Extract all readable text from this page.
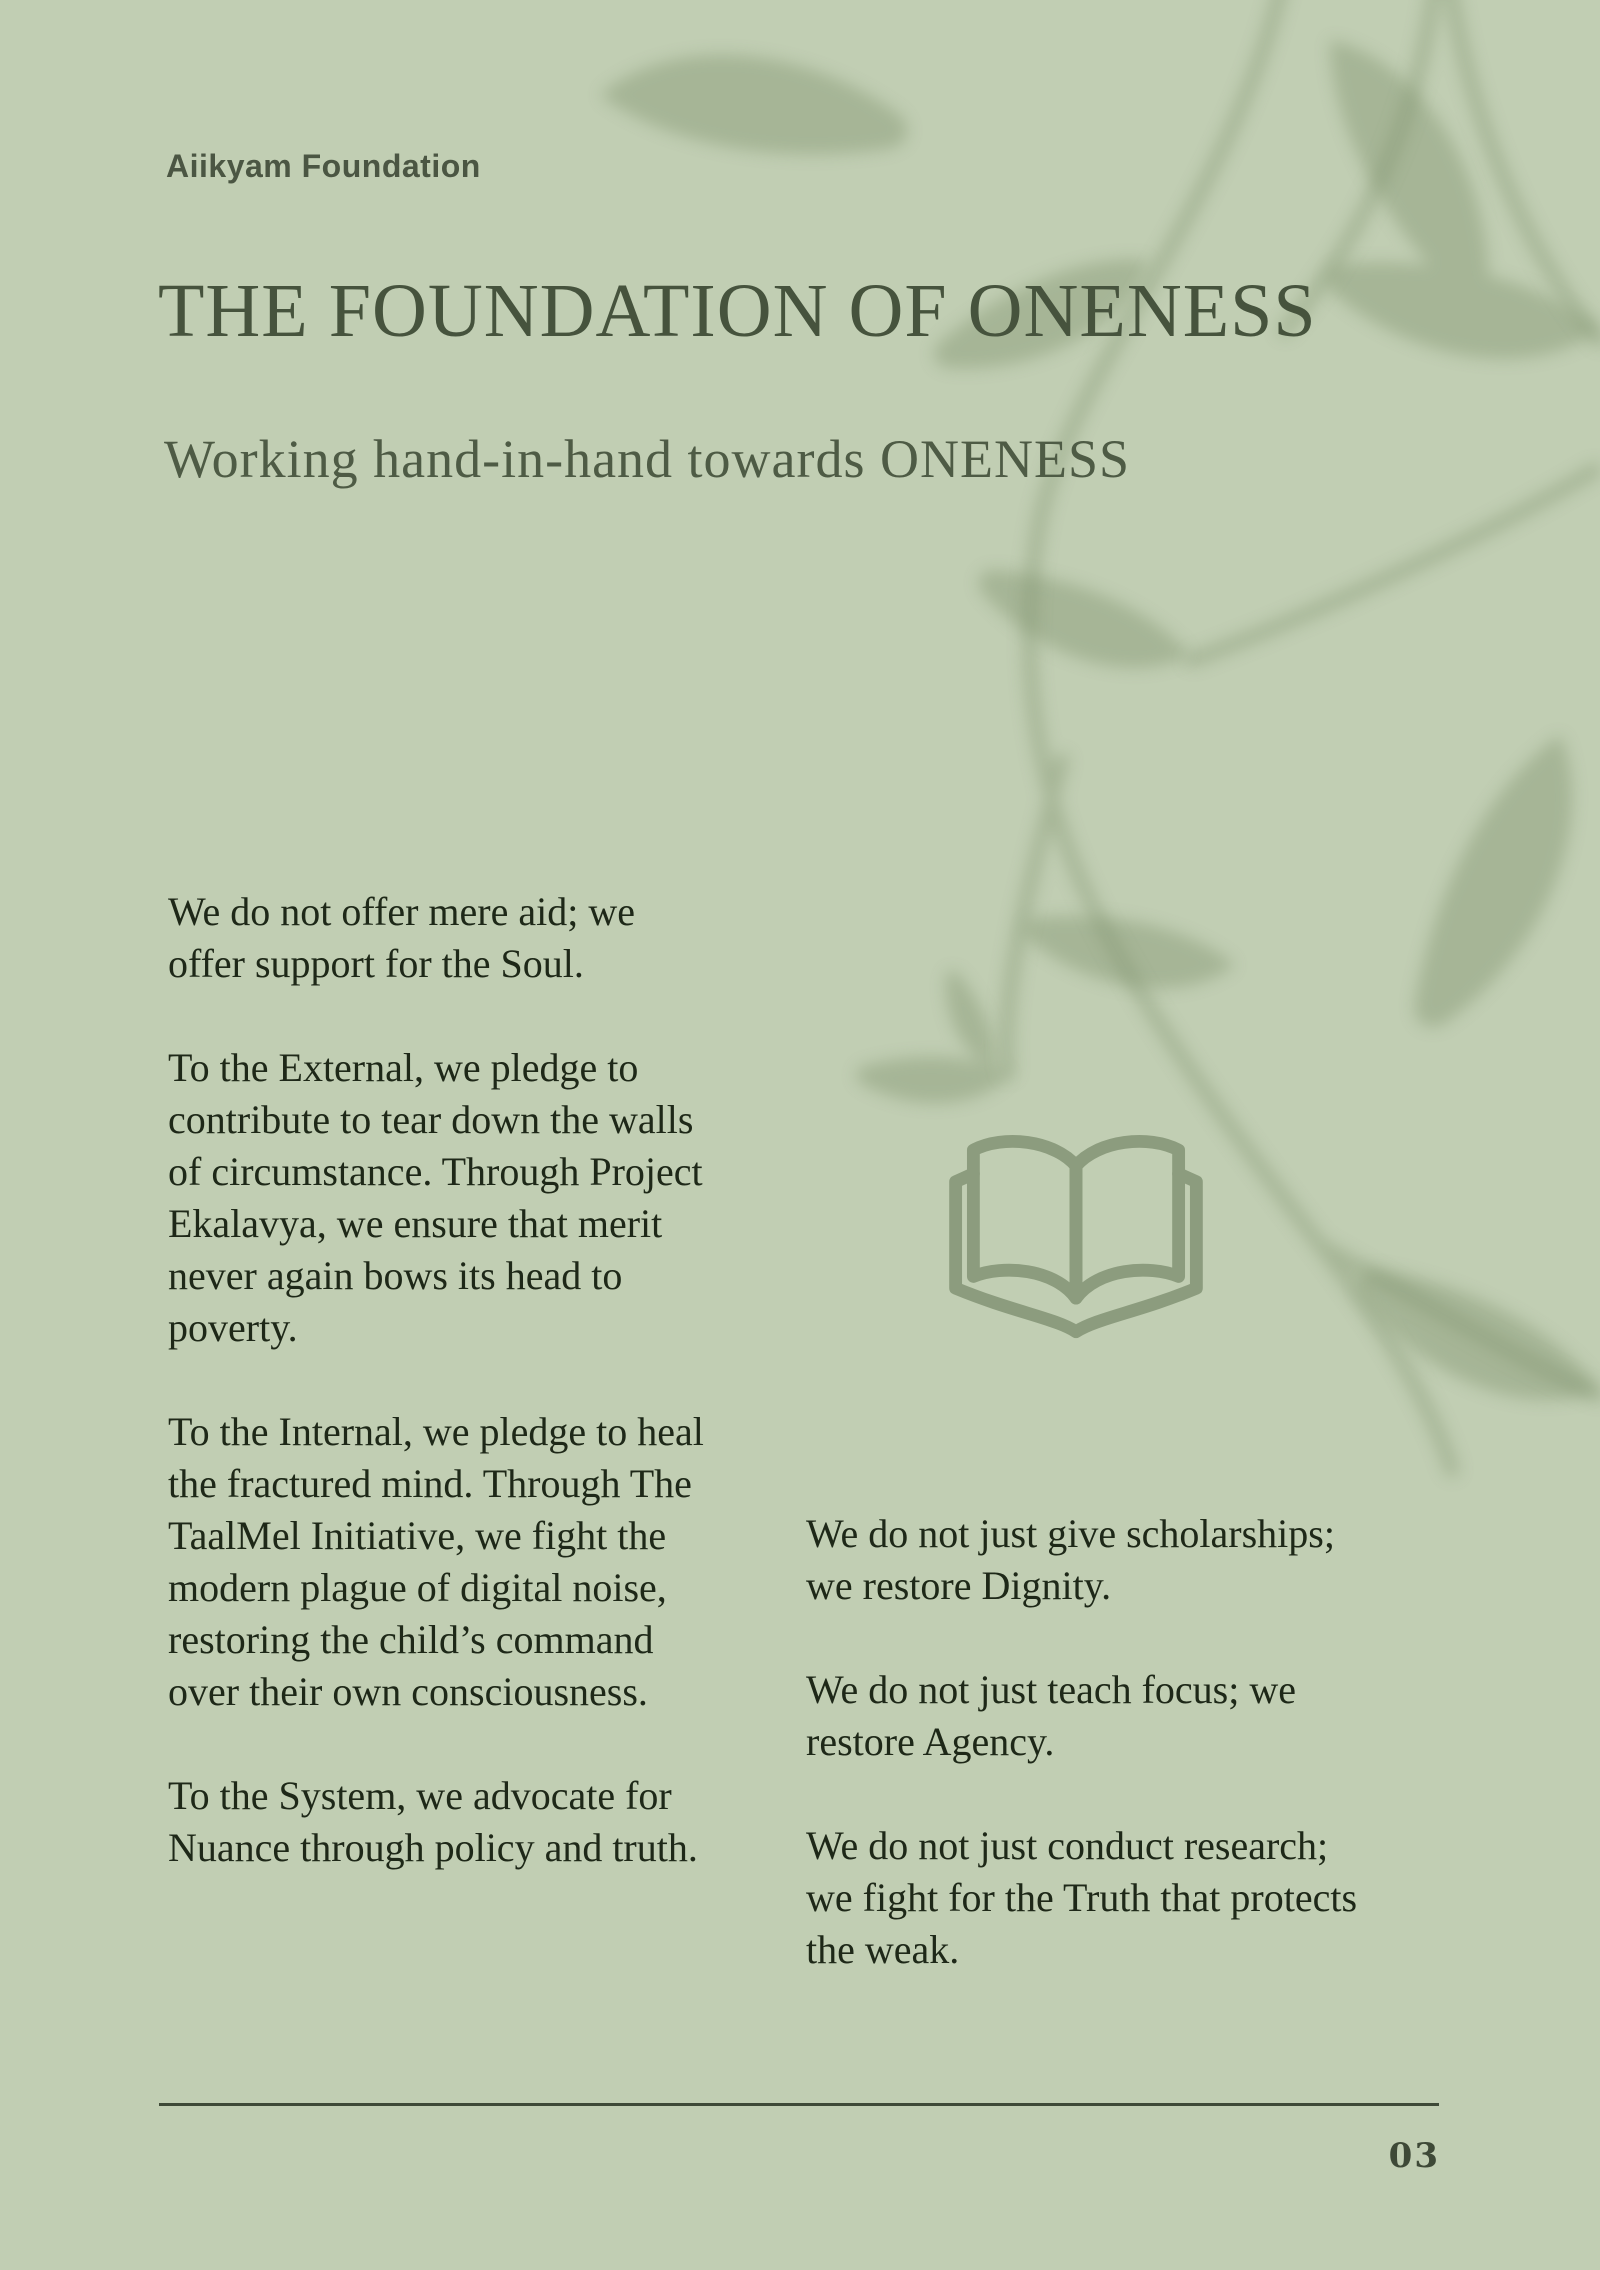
Aiikyam Foundation
THE FOUNDATION OF ONENESS
Working hand-in-hand towards ONENESS

We do not offer mere aid; we offer support for the Soul.

To the External, we pledge to contribute to tear down the walls of circumstance. Through Project Ekalavya, we ensure that merit never again bows its head to poverty.

To the Internal, we pledge to heal the fractured mind. Through The TaalMel Initiative, we fight the modern plague of digital noise, restoring the child’s command over their own consciousness.

To the System, we advocate for Nuance through policy and truth.

We do not just give scholarships; we restore Dignity.

We do not just teach focus; we restore Agency.

We do not just conduct research; we fight for the Truth that protects the weak.

03
